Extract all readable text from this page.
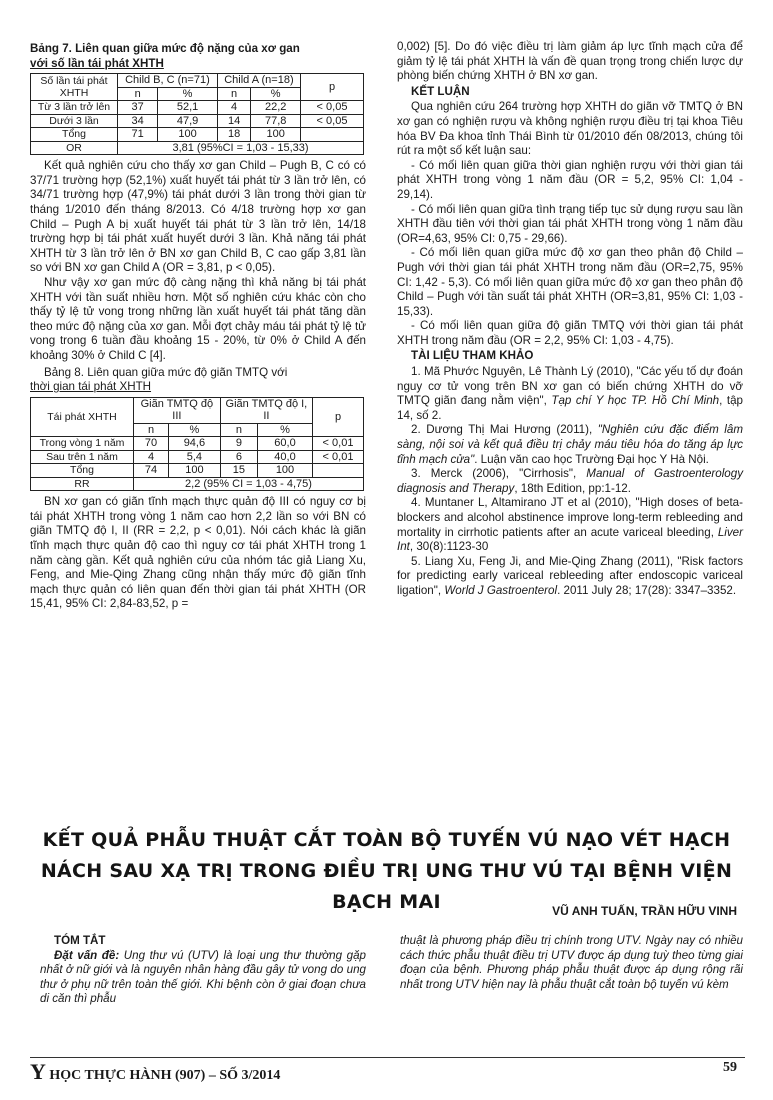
Bảng 7. Liên quan giữa mức độ nặng của xơ gan
với số lần tái phát XHTH

Số lần tái phát XHTH	Child B, C (n=71)		Child A (n=18)		p
	n	%	n	%	
Từ 3 lần trở lên	37	52,1	4	22,2	< 0,05
Dưới 3 lần	34	47,9	14	77,8	< 0,05
Tổng	71	100	18	100	
OR	3,81 (95%CI = 1,03 - 15,33)				

Kết quả nghiên cứu cho thấy xơ gan Child – Pugh B, C có có 37/71 trường hợp (52,1%) xuất huyết tái phát từ 3 lần trở lên, có 34/71 trường hợp (47,9%) tái phát dưới 3 lần trong thời gian từ tháng 1/2010 đến tháng 8/2013. Có 4/18 trường hợp xơ gan Child – Pugh A bị xuất huyết tái phát từ 3 lần trở lên, 14/18 trường hợp bị tái phát xuất huyết dưới 3 lần. Khả năng tái phát XHTH từ 3 lần trở lên ở BN xơ gan Child B, C cao gấp 3,81 lần so với BN xơ gan Child A (OR = 3,81, p < 0,05).

Như vậy xơ gan mức độ càng nặng thì khả năng bị tái phát XHTH với tần suất nhiều hơn. Một số nghiên cứu khác còn cho thấy tỷ lệ tử vong trong những lần xuất huyết tái phát tăng dần theo mức độ nặng của xơ gan. Mỗi đợt chảy máu tái phát tỷ lệ tử vong trong 6 tuần đầu khoảng 15 - 20%, từ 0% ở Child A đến khoảng 30% ở Child C [4].

Bảng 8. Liên quan giữa mức độ giãn TMTQ với
thời gian tái phát XHTH

Tái phát XHTH	Giãn TMTQ độ III		Giãn TMTQ độ I, II		p
	n	%	n	%	
Trong vòng 1 năm	70	94,6	9	60,0	< 0,01
Sau trên 1 năm	4	5,4	6	40,0	< 0,01
Tổng	74	100	15	100	
RR	2,2 (95% CI = 1,03 - 4,75)				

BN xơ gan có giãn tĩnh mạch thực quản độ III có nguy cơ bị tái phát XHTH trong vòng 1 năm cao hơn 2,2 lần so với BN có giãn TMTQ độ I, II (RR = 2,2, p < 0,01). Nói cách khác là giãn tĩnh mạch thực quản độ cao thì nguy cơ tái phát XHTH trong 1 năm càng gần. Kết quả nghiên cứu của nhóm tác giả Liang Xu, Feng, and Mie-Qing Zhang cũng nhận thấy mức độ giãn tĩnh mạch thực quản có liên quan đến thời gian tái phát XHTH (OR 15,41, 95% CI: 2,84-83,52, p =

0,002) [5]. Do đó việc điều trị làm giảm áp lực tĩnh mạch cửa để giảm tỷ lệ tái phát XHTH là vấn đề quan trọng trong chiến lược dự phòng biến chứng XHTH ở BN xơ gan.

KẾT LUẬN

Qua nghiên cứu 264 trường hợp XHTH do giãn vỡ TMTQ ở BN xơ gan có nghiện rượu và không nghiện rượu điều trị tại khoa Tiêu hóa BV Đa khoa tỉnh Thái Bình từ 01/2010 đến 08/2013, chúng tôi rút ra một số kết luận sau:

- Có mối liên quan giữa thời gian nghiện rượu với thời gian tái phát XHTH trong vòng 1 năm đầu (OR = 5,2, 95% CI: 1,04 - 29,14).

- Có mối liên quan giữa tình trạng tiếp tục sử dụng rượu sau lần XHTH đầu tiên với thời gian tái phát XHTH trong vòng 1 năm đầu (OR=4,63, 95% CI: 0,75 - 29,66).

- Có mối liên quan giữa mức độ xơ gan theo phân độ Child – Pugh với thời gian tái phát XHTH trong năm đầu (OR=2,75, 95% CI: 1,42 - 5,3). Có mối liên quan giữa mức độ xơ gan theo phân độ Child – Pugh với tần suất tái phát XHTH (OR=3,81, 95% CI: 1,03 - 15,33).

- Có mối liên quan giữa độ giãn TMTQ với thời gian tái phát XHTH trong năm đầu (OR = 2,2, 95% CI: 1,03 - 4,75).

TÀI LIỆU THAM KHẢO

1. Mã Phước Nguyên, Lê Thành Lý (2010), "Các yếu tố dự đoán nguy cơ tử vong trên BN xơ gan có biến chứng XHTH do vỡ TMTQ giãn đang nằm viện", Tạp chí Y học TP. Hồ Chí Minh, tập 14, số 2.

2. Dương Thị Mai Hương (2011), "Nghiên cứu đặc điểm lâm sàng, nội soi và kết quả điều trị chảy máu tiêu hóa do tăng áp lực tĩnh mạch cửa". Luận văn cao học Trường Đại học Y Hà Nội.

3. Merck (2006), "Cirrhosis", Manual of Gastroenterology diagnosis and Therapy, 18th Edition, pp:1-12.

4. Muntaner L, Altamirano JT et al (2010), "High doses of beta-blockers and alcohol abstinence improve long-term rebleeding and mortality in cirrhotic patients after an acute variceal bleeding, Liver Int, 30(8):1123-30

5. Liang Xu, Feng Ji, and Mie-Qing Zhang (2011), "Risk factors for predicting early variceal rebleeding after endoscopic variceal ligation", World J Gastroenterol. 2011 July 28; 17(28): 3347–3352.

KẾT QUẢ PHẪU THUẬT CẮT TOÀN BỘ TUYẾN VÚ NẠO VÉT HẠCH NÁCH SAU XẠ TRỊ TRONG ĐIỀU TRỊ UNG THƯ VÚ TẠI BỆNH VIỆN BẠCH MAI	VŨ ANH TUẤN, TRẦN HỮU VINH

TÓM TẮT

Đặt vấn đề: Ung thư vú (UTV) là loại ung thư thường gặp nhất ở nữ giới và là nguyên nhân hàng đầu gây tử vong do ung thư ở phụ nữ trên toàn thế giới. Khi bệnh còn ở giai đoạn chưa di căn thì phẫu

thuật là phương pháp điều trị chính trong UTV. Ngày nay có nhiều cách thức phẫu thuật điều trị UTV được áp dụng tuỳ theo từng giai đoạn của bệnh. Phương pháp phẫu thuật được áp dụng rộng rãi nhất trong UTV hiện nay là phẫu thuật cắt toàn bộ tuyến vú kèm

Y HỌC THỰC HÀNH (907) – SỐ 3/2014
59
